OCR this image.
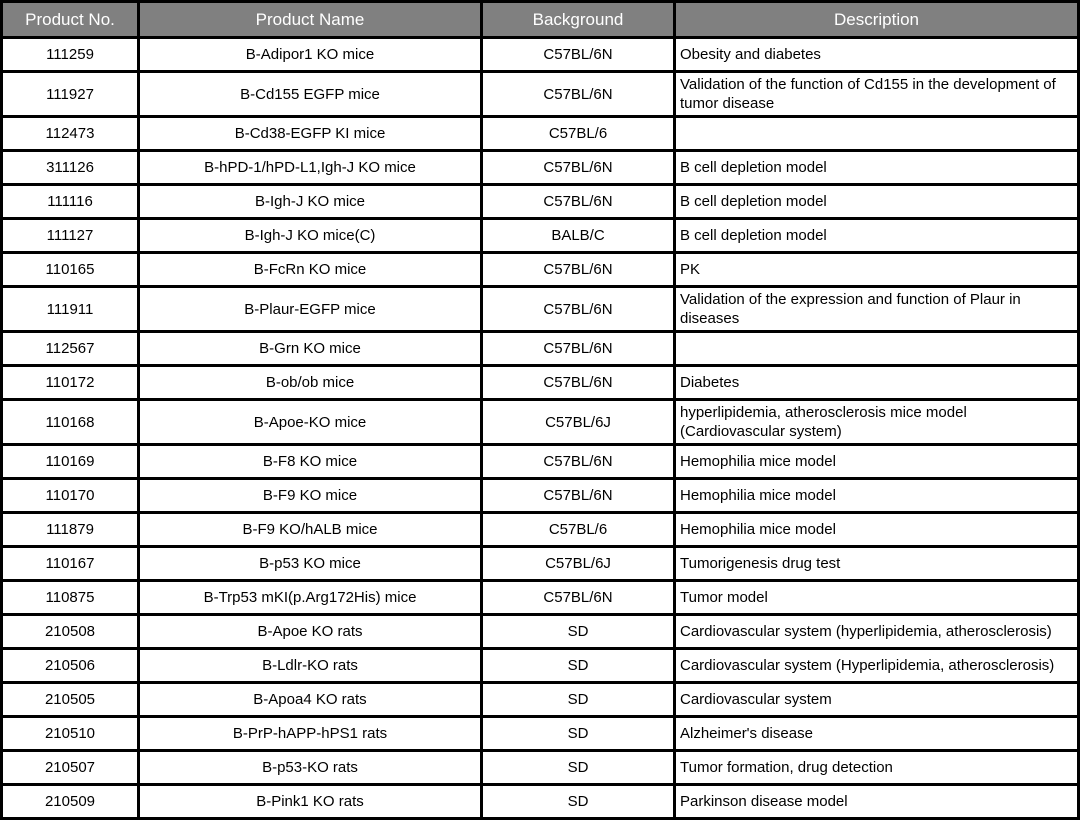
Product No.	Product Name	Background	Description
111259	B-Adipor1 KO mice	C57BL/6N	Obesity and diabetes
111927	B-Cd155 EGFP mice	C57BL/6N	Validation of the function of Cd155 in the development of tumor disease
112473	B-Cd38-EGFP KI mice	C57BL/6	
311126	B-hPD-1/hPD-L1,Igh-J KO mice	C57BL/6N	B cell depletion model
111116	B-Igh-J KO mice	C57BL/6N	B cell depletion model
111127	B-Igh-J KO mice(C)	BALB/C	B cell depletion model
110165	B-FcRn KO mice	C57BL/6N	PK
111911	B-Plaur-EGFP mice	C57BL/6N	Validation of the expression and function of Plaur in diseases
112567	B-Grn KO mice	C57BL/6N	
110172	B-ob/ob mice	C57BL/6N	Diabetes
110168	B-Apoe-KO mice	C57BL/6J	hyperlipidemia, atherosclerosis mice model (Cardiovascular system)
110169	B-F8 KO mice	C57BL/6N	Hemophilia mice model
110170	B-F9 KO mice	C57BL/6N	Hemophilia mice model
111879	B-F9 KO/hALB mice	C57BL/6	Hemophilia mice model
110167	B-p53 KO mice	C57BL/6J	Tumorigenesis drug test
110875	B-Trp53 mKI(p.Arg172His) mice	C57BL/6N	Tumor model
210508	B-Apoe KO rats	SD	Cardiovascular system (hyperlipidemia, atherosclerosis)
210506	B-Ldlr-KO rats	SD	Cardiovascular system (Hyperlipidemia, atherosclerosis)
210505	B-Apoa4 KO rats	SD	Cardiovascular system
210510	B-PrP-hAPP-hPS1 rats	SD	Alzheimer's disease
210507	B-p53-KO rats	SD	Tumor formation, drug detection
210509	B-Pink1 KO rats	SD	Parkinson disease model
